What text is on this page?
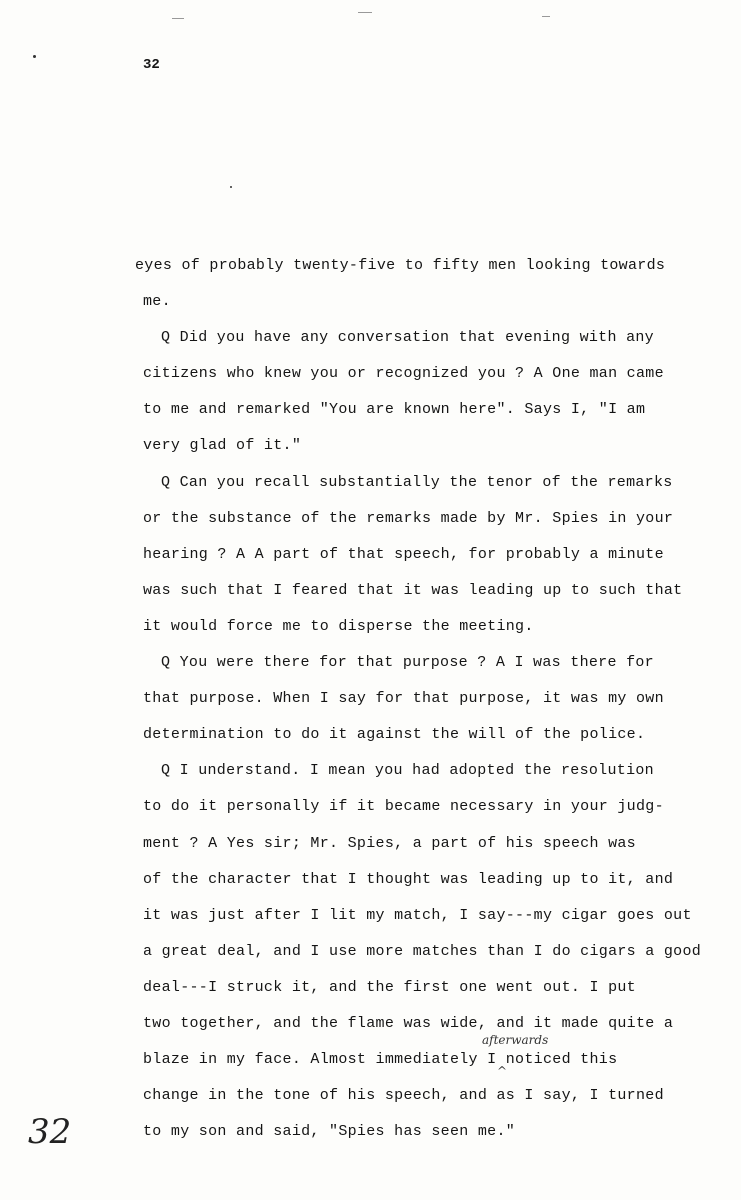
32
eyes of probably twenty-five to fifty men looking towards
me.
Q Did you have any conversation that evening with any
citizens who knew you or recognized you ? A One man came
to me and remarked "You are known here". Says I, "I am
very glad of it."
Q Can you recall substantially the tenor of the remarks
or the substance of the remarks made by Mr. Spies in your
hearing ? A A part of that speech, for probably a minute
was such that I feared that it was leading up to such that
it would force me to disperse the meeting.
Q You were there for that purpose ? A I was there for
that purpose. When I say for that purpose, it was my own
determination to do it against the will of the police.
Q I understand. I mean you had adopted the resolution
to do it personally if it became necessary in your judg-
ment ? A Yes sir; Mr. Spies, a part of his speech was
of the character that I thought was leading up to it, and
it was just after I lit my match, I say---my cigar goes out
a great deal, and I use more matches than I do cigars a good
deal---I struck it, and the first one went out. I put
two together, and the flame was wide, and it made quite a
blaze in my face. Almost immediately I noticed this
change in the tone of his speech, and as I say, I turned
to my son and said, "Spies has seen me."
afterwards
^
32
